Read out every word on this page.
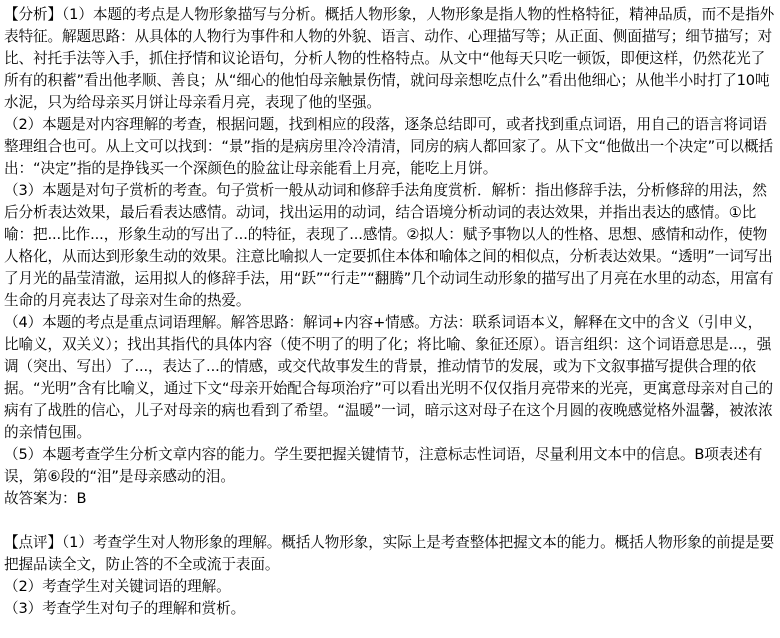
【分析】（1）本题的考点是人物形象描写与分析。概括人物形象，人物形象是指人物的性格特征，精神品质，而不是指外表特征。解题思路：从具体的人物行为事件和人物的外貌、语言、动作、心理描写等；从正面、侧面描写；细节描写；对比、衬托手法等入手，抓住抒情和议论语句，分析人物的性格特点。从文中“他每天只吃一顿饭，即便这样，仍然花光了所有的积蓄”看出他孝顺、善良；从“细心的他怕母亲触景伤情，就问母亲想吃点什么”看出他细心；从他半小时打了10吨水泥，只为给母亲买月饼让母亲看月亮，表现了他的坚强。

（2）本题是对内容理解的考查，根据问题，找到相应的段落，逐条总结即可，或者找到重点词语，用自己的语言将词语整理组合也可。从上文可以找到：“景”指的是病房里冷冷清清，同房的病人都回家了。从下文“他做出一个决定”可以概括出：“决定”指的是挣钱买一个深颜色的脸盆让母亲能看上月亮，能吃上月饼。

（3）本题是对句子赏析的考查。句子赏析一般从动词和修辞手法角度赏析．解析：指出修辞手法，分析修辞的用法，然后分析表达效果，最后看表达感情。动词，找出运用的动词，结合语境分析动词的表达效果，并指出表达的感情。①比喻：把...比作...，形象生动的写出了...的特征，表现了...感情。②拟人：赋予事物以人的性格、思想、感情和动作，使物人格化，从而达到形象生动的效果。注意比喻拟人一定要抓住本体和喻体之间的相似点，分析表达效果。“透明”一词写出了月光的晶莹清澈，运用拟人的修辞手法，用“跃”“行走”“翻腾”几个动词生动形象的描写出了月亮在水里的动态，用富有生命的月亮表达了母亲对生命的热爱。

（4）本题的考点是重点词语理解。解答思路：解词+内容+情感。方法：联系词语本义，解释在文中的含义（引申义，比喻义，双关义）；找出其指代的具体内容（使不明了的明了化；将比喻、象征还原）。语言组织：这个词语意思是...，强调（突出、写出）了...，表达了...的情感，或交代故事发生的背景，推动情节的发展，或为下文叙事描写提供合理的依据。“光明”含有比喻义，通过下文“母亲开始配合每项治疗”可以看出光明不仅仅指月亮带来的光亮，更寓意母亲对自己的病有了战胜的信心，儿子对母亲的病也看到了希望。“温暖”一词，暗示这对母子在这个月圆的夜晚感觉格外温馨，被浓浓的亲情包围。

（5）本题考查学生分析文章内容的能力。学生要把握关键情节，注意标志性词语，尽量利用文本中的信息。B项表述有误，第⑥段的“泪”是母亲感动的泪。

故答案为：B

【点评】（1）考查学生对人物形象的理解。概括人物形象，实际上是考查整体把握文本的能力。概括人物形象的前提是要把握品读全文，防止答的不全或流于表面。

（2）考查学生对关键词语的理解。

（3）考查学生对句子的理解和赏析。
